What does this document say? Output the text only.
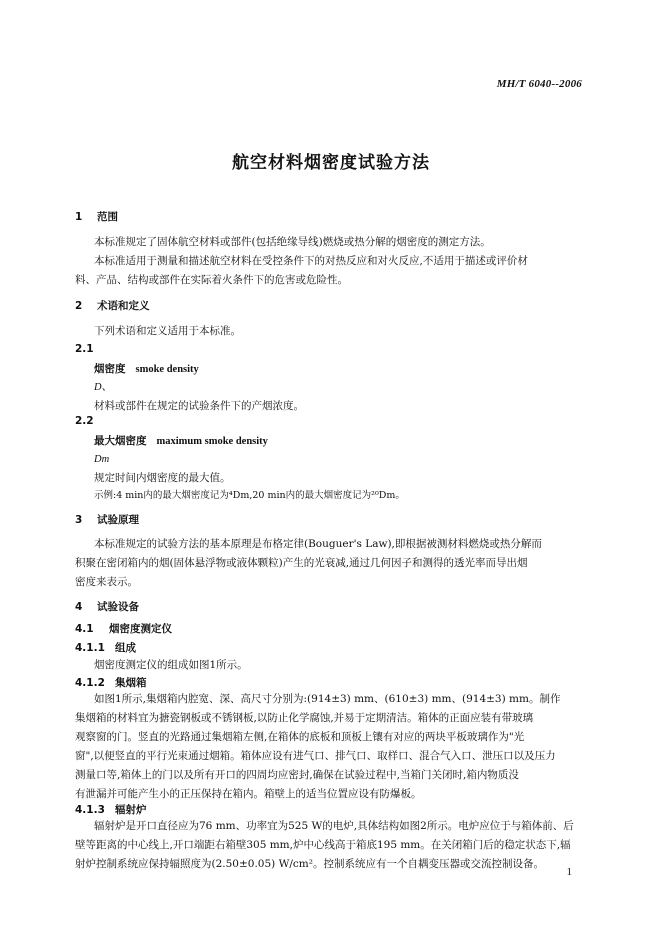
MH/T 6040--2006
航空材料烟密度试验方法
1 范围
本标准规定了固体航空材料或部件(包括绝缘导线)燃烧或热分解的烟密度的测定方法。
本标准适用于测量和描述航空材料在受控条件下的对热反应和对火反应,不适用于描述或评价材
料、产品、结构或部件在实际着火条件下的危害或危险性。
2 术语和定义
下列术语和定义适用于本标准。
2.1
烟密度 smoke density
D、
材料或部件在规定的试验条件下的产烟浓度。
2.2
最大烟密度 maximum smoke density
Dm
规定时间内烟密度的最大值。
示例:4 min内的最大烟密度记为⁴Dm,20 min内的最大烟密度记为²⁰Dm。
3 试验原理
本标准规定的试验方法的基本原理是布格定律(Bouguer's Law),即根据被测材料燃烧或热分解而
积聚在密闭箱内的烟(固体悬浮物或液体颗粒)产生的光衰减,通过几何因子和测得的透光率而导出烟
密度来表示。
4 试验设备
4.1 烟密度测定仪
4.1.1 组成
烟密度测定仪的组成如图1所示。
4.1.2 集烟箱
如图1所示,集烟箱内腔宽、深、高尺寸分别为:(914±3) mm、(610±3) mm、(914±3) mm。制作
集烟箱的材料宜为搪瓷钢板或不锈钢板,以防止化学腐蚀,并易于定期清洁。箱体的正面应装有带玻璃
观察窗的门。竖直的光路通过集烟箱左侧,在箱体的底板和顶板上镶有对应的两块平板玻璃作为"光
窗",以便竖直的平行光束通过烟箱。箱体应设有进气口、排气口、取样口、混合气入口、泄压口以及压力
测量口等,箱体上的门以及所有开口的四周均应密封,确保在试验过程中,当箱门关闭时,箱内物质没
有泄漏并可能产生小的正压保持在箱内。箱壁上的适当位置应设有防爆板。
4.1.3 辐射炉
辐射炉是开口直径应为76 mm、功率宜为525 W的电炉,具体结构如图2所示。电炉应位于与箱体前、后
壁等距离的中心线上,开口端距右箱壁305 mm,炉中心线高于箱底195 mm。在关闭箱门后的稳定状态下,辐
射炉控制系统应保持辐照度为(2.50±0.05) W/cm²。控制系统应有一个自耦变压器或交流控制设备。
1
